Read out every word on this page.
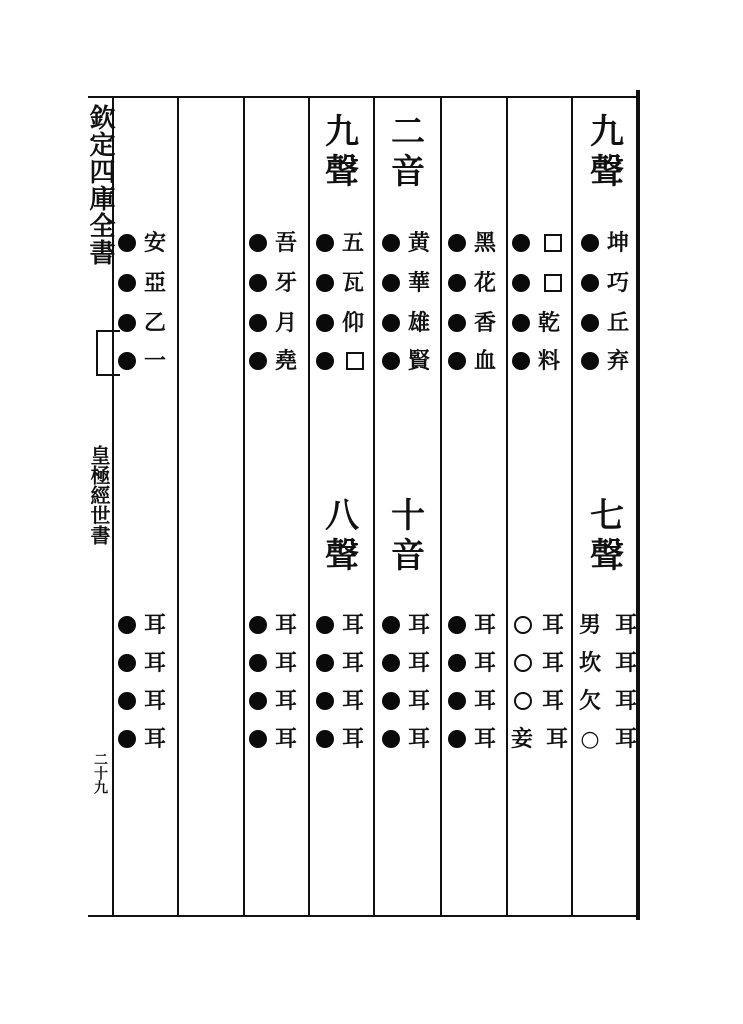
欽定四庫全書
皇極經世書
二十九
九聲
坤
巧
丘
弃
七聲
男 耳
坎 耳
欠 耳
○ 耳
乾
料
耳
耳
耳
妾 耳
黑
花
香
血
耳
耳
耳
耳
二音
黄
華
雄
賢
十音
耳
耳
耳
耳
九聲
五
瓦
仰
八聲
耳
耳
耳
耳
吾
牙
月
堯
耳
耳
耳
耳
安
亞
乙
一
耳
耳
耳
耳
